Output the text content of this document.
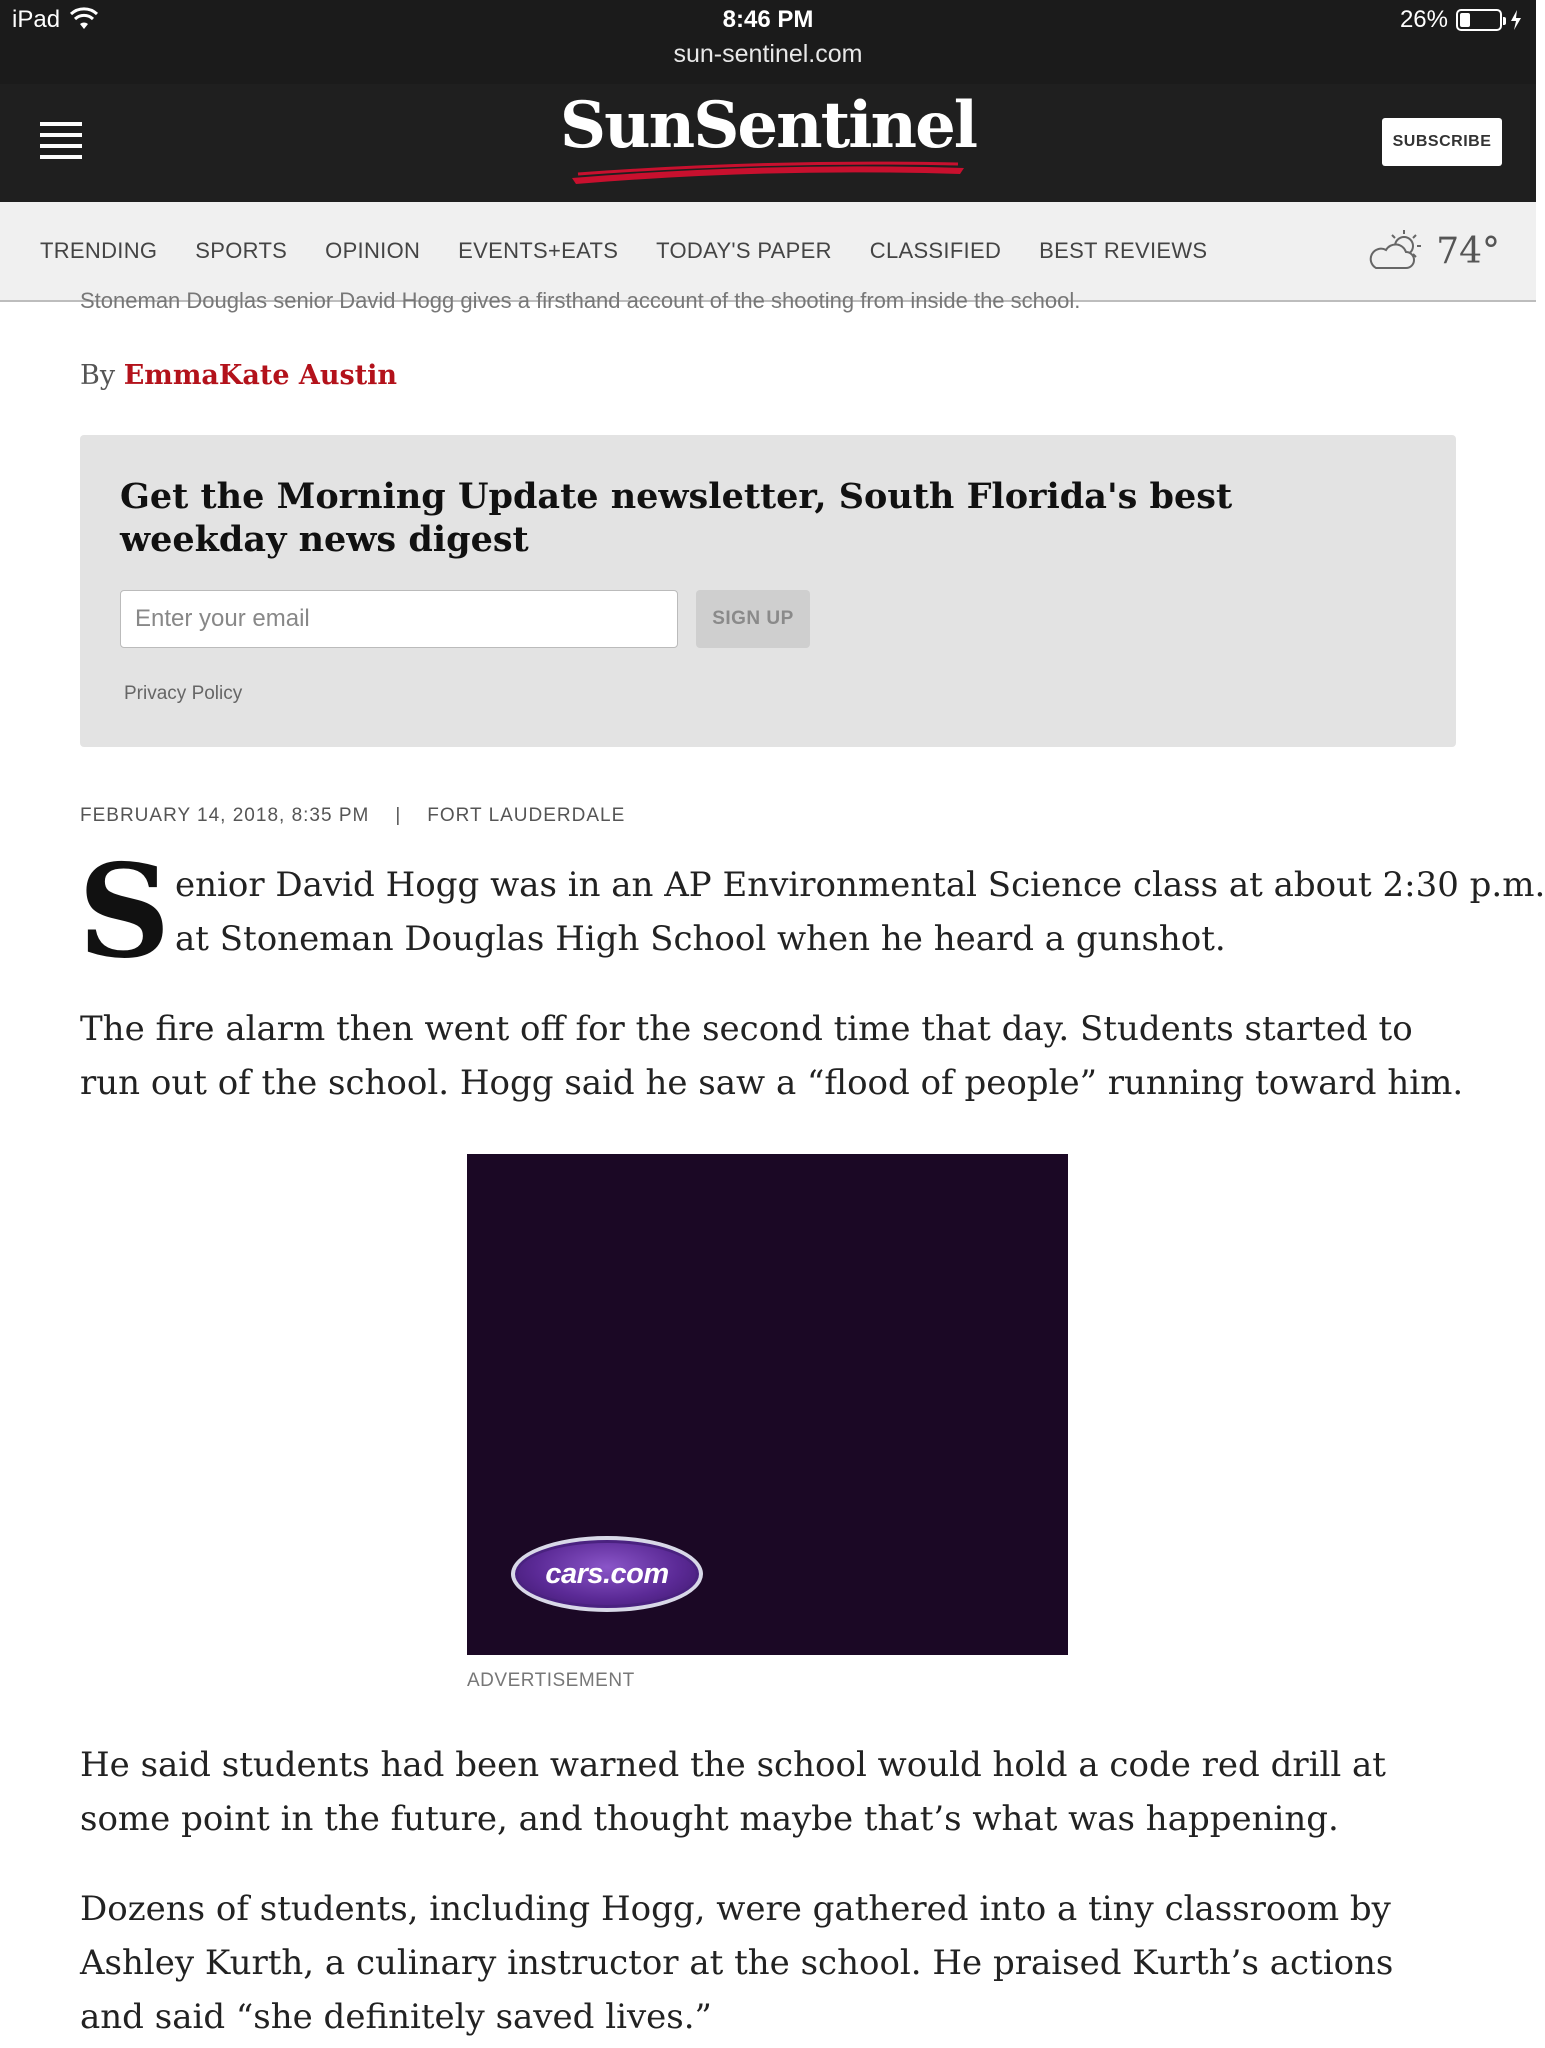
iPad	8:46 PM
sun-sentinel.com
26%
SunSentinel	SUBSCRIBE
TRENDING SPORTS OPINION EVENTS+EATS TODAY'S PAPER CLASSIFIED BEST REVIEWS	74°
Stoneman Douglas senior David Hogg gives a firsthand account of the shooting from inside the school.
By EmmaKate Austin
Get the Morning Update newsletter, South Florida's best weekday news digest
Enter your email
SIGN UP
Privacy Policy
FEBRUARY 14, 2018, 8:35 PM | FORT LAUDERDALE
S enior David Hogg was in an AP Environmental Science class at about 2:30 p.m.
at Stoneman Douglas High School when he heard a gunshot.
The fire alarm then went off for the second time that day. Students started to run out of the school. Hogg said he saw a “flood of people” running toward him.
cars.com
ADVERTISEMENT
He said students had been warned the school would hold a code red drill at some point in the future, and thought maybe that’s what was happening.
Dozens of students, including Hogg, were gathered into a tiny classroom by Ashley Kurth, a culinary instructor at the school. He praised Kurth’s actions and said “she definitely saved lives.”
